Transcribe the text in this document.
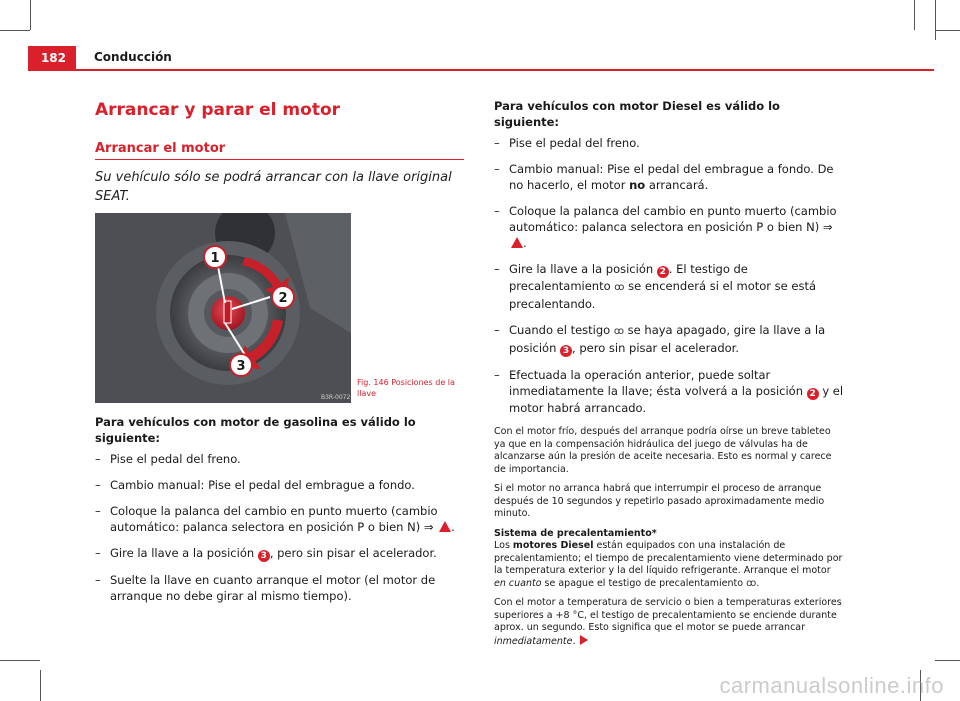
182	Conducción
Arrancar y parar el motor
Arrancar el motor
Su vehículo sólo se podrá arrancar con la llave original SEAT.
1
2
3
B3R-0072
Fig. 146 Posiciones de la llave
Para vehículos con motor de gasolina es válido lo siguiente:
– Pise el pedal del freno.
– Cambio manual: Pise el pedal del embrague a fondo.
– Coloque la palanca del cambio en punto muerto (cambio automático: palanca selectora en posición P o bien N) ⇒ .
– Gire la llave a la posición 3 , pero sin pisar el acelerador.
– Suelte la llave en cuanto arranque el motor (el motor de arranque no debe girar al mismo tiempo).
Para vehículos con motor Diesel es válido lo siguiente:
– Pise el pedal del freno.
– Cambio manual: Pise el pedal del embrague a fondo. De no hacerlo, el motor no arrancará.
– Coloque la palanca del cambio en punto muerto (cambio automático: palanca selectora en posición P o bien N) ⇒ .
– Gire la llave a la posición 2 . El testigo de precalentamiento ꝏ se encenderá si el motor se está precalentando.
– Cuando el testigo ꝏ se haya apagado, gire la llave a la posición 3 , pero sin pisar el acelerador.
– Efectuada la operación anterior, puede soltar inmediatamente la llave; ésta volverá a la posición 2 y el motor habrá arrancado.
Con el motor frío, después del arranque podría oírse un breve tableteo ya que en la compensación hidráulica del juego de válvulas ha de alcanzarse aún la presión de aceite necesaria. Esto es normal y carece de importancia.
Si el motor no arranca habrá que interrumpir el proceso de arranque después de 10 segundos y repetirlo pasado aproximadamente medio minuto.
Sistema de precalentamiento*
Los motores Diesel están equipados con una instalación de precalentamiento; el tiempo de precalentamiento viene determinado por la temperatura exterior y la del líquido refrigerante. Arranque el motor en cuanto se apague el testigo de precalentamiento ꝏ.
Con el motor a temperatura de servicio o bien a temperaturas exteriores superiores a +8 °C, el testigo de precalentamiento se enciende durante aprox. un segundo. Esto significa que el motor se puede arrancar inmediatamente.
carmanualsonline.info
